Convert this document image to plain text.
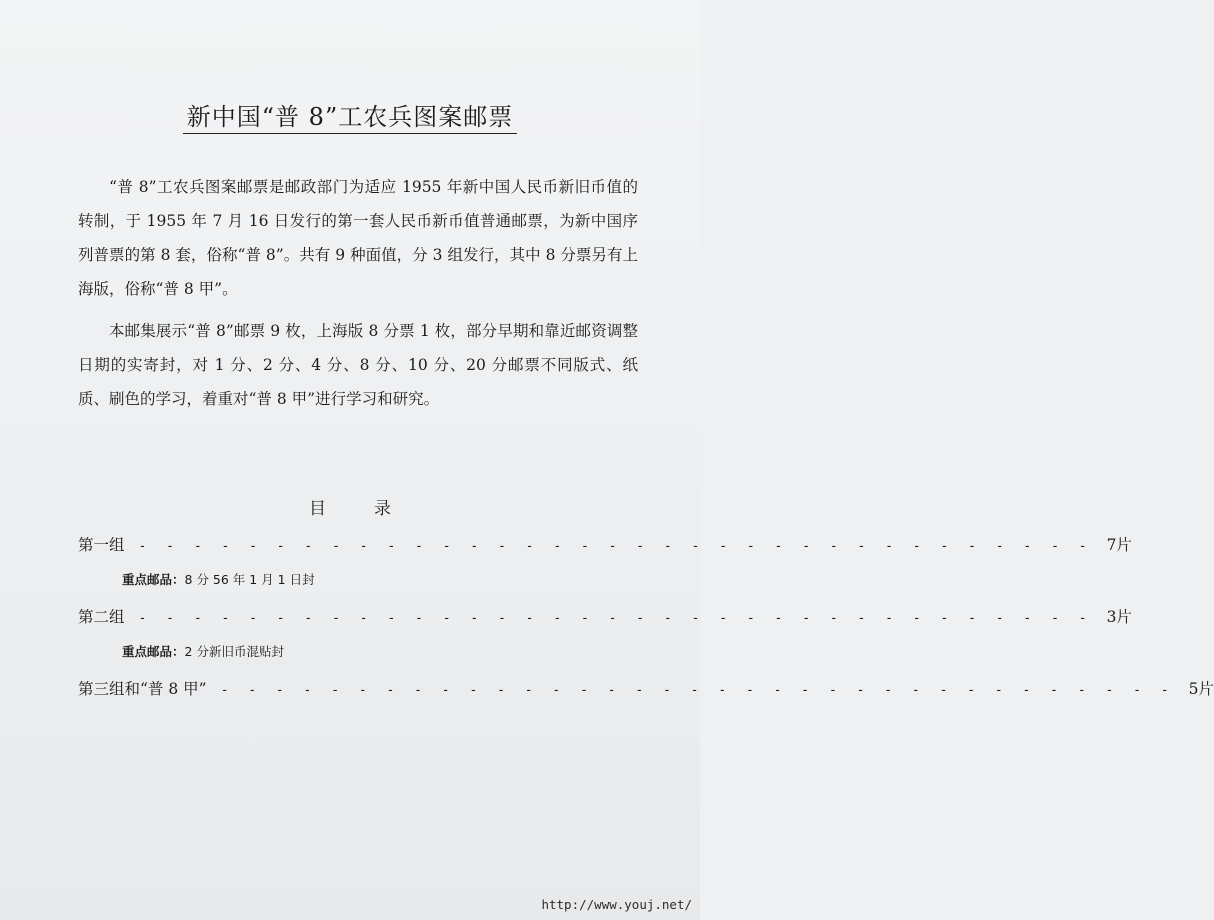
新中国“普 8”工农兵图案邮票

“普 8”工农兵图案邮票是邮政部门为适应 1955 年新中国人民币新旧币值的转制，于 1955 年 7 月 16 日发行的第一套人民币新币值普通邮票，为新中国序列普票的第 8 套，俗称“普 8”。共有 9 种面值，分 3 组发行，其中 8 分票另有上海版，俗称“普 8 甲”。

本邮集展示“普 8”邮票 9 枚，上海版 8 分票 1 枚，部分早期和靠近邮资调整日期的实寄封，对 1 分、2 分、4 分、8 分、10 分、20 分邮票不同版式、纸质、刷色的学习，着重对“普 8 甲”进行学习和研究。

目录
第一组 - - - - - - - - - - - - - - - - - - - - - - - - - - - - - - - - - - - 7片
重点邮品：8 分 56 年 1 月 1 日封
第二组 - - - - - - - - - - - - - - - - - - - - - - - - - - - - - - - - - - - 3片
重点邮品：2 分新旧币混贴封
第三组和“普 8 甲” - - - - - - - - - - - - - - - - - - - - - - - - - - - - - - - - - - - 5片
http://www.youj.net/
